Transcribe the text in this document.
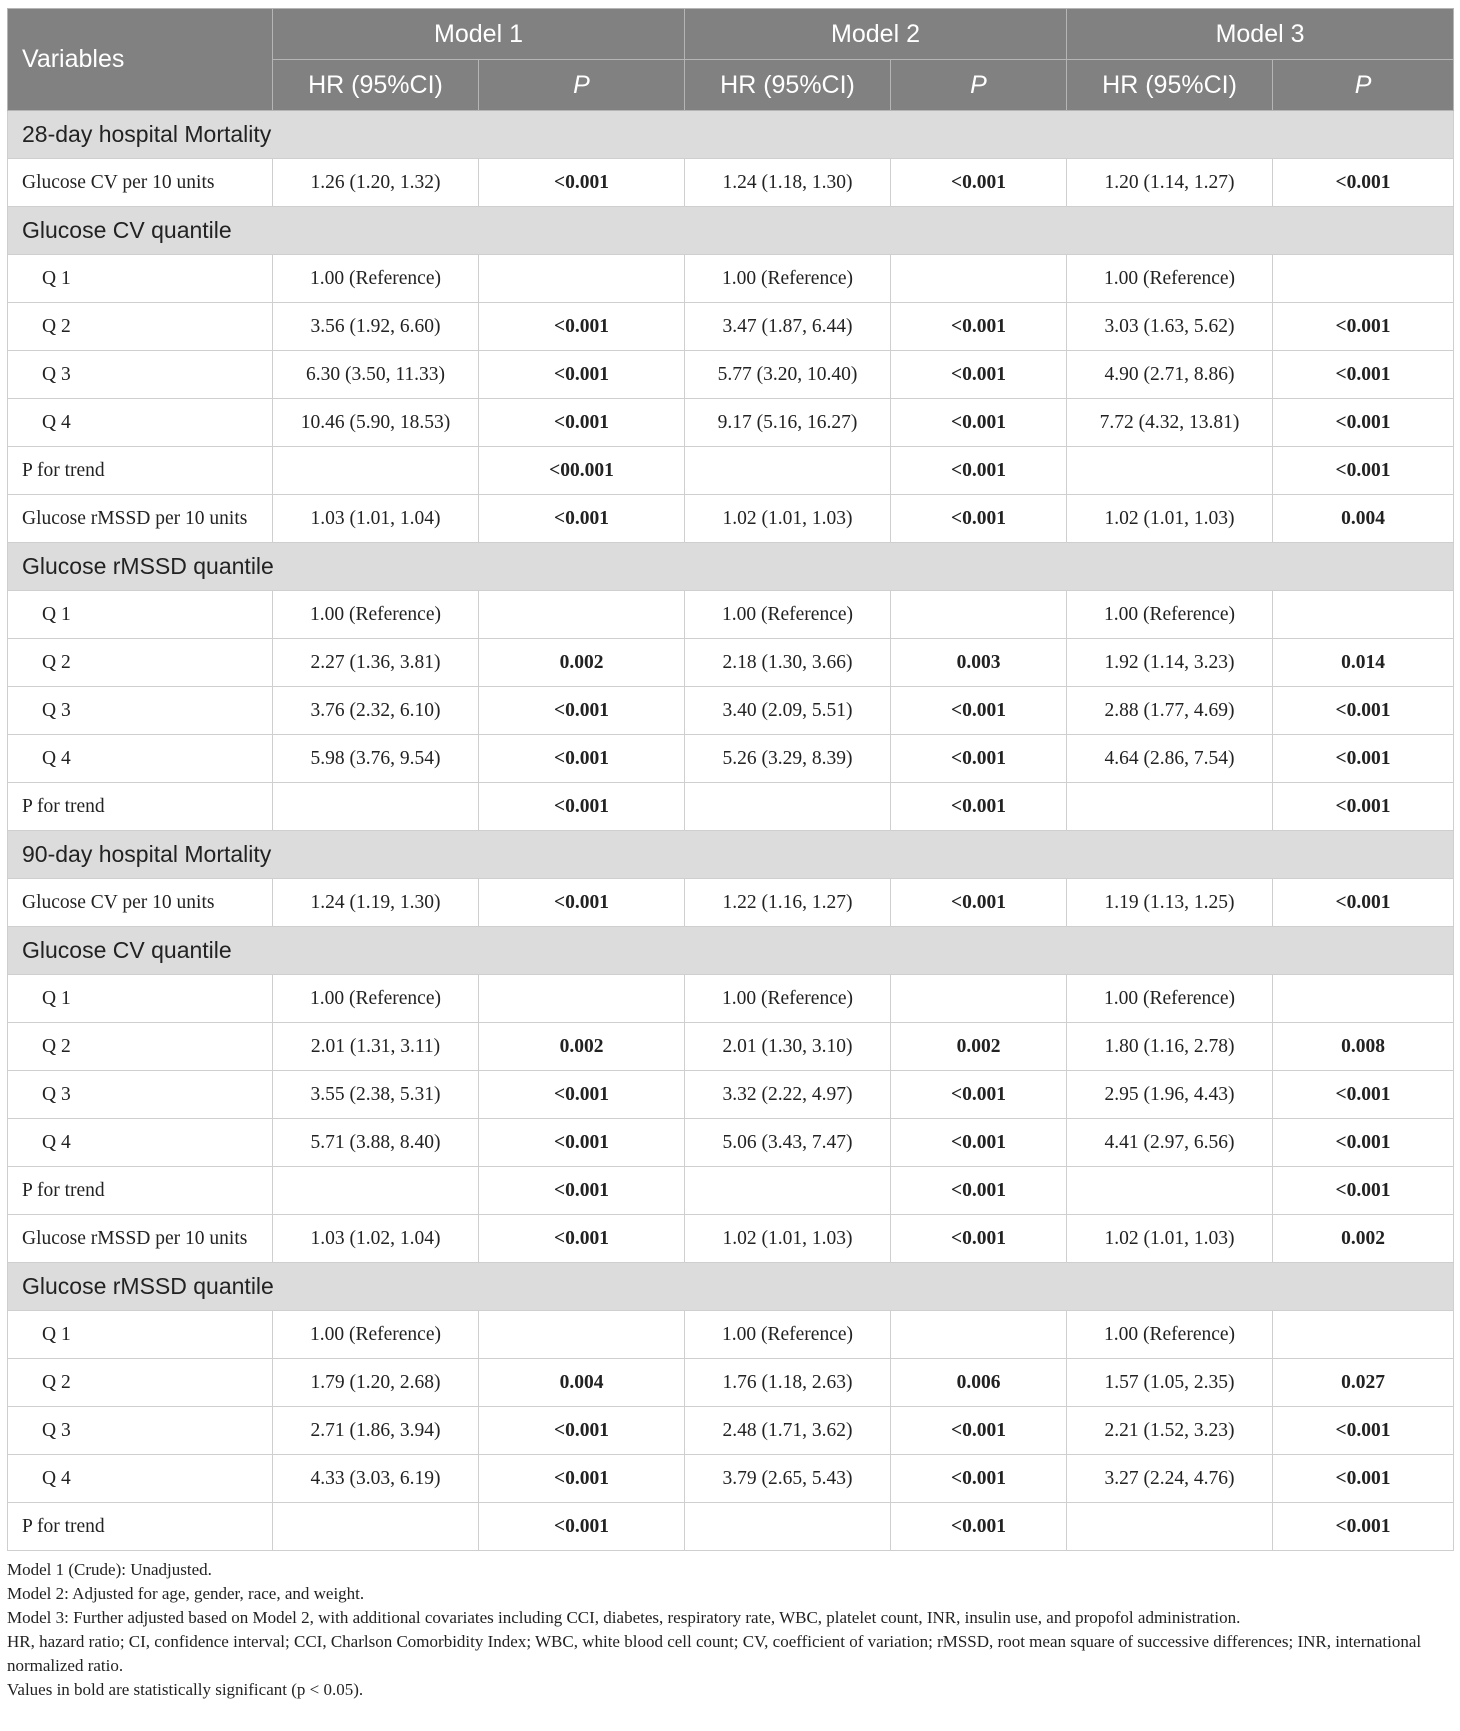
Variables	Model 1		Model 2		Model 3	
	HR (95%CI)	P	HR (95%CI)	P	HR (95%CI)	P
28-day hospital Mortality						
Glucose CV per 10 units	1.26 (1.20, 1.32)	<0.001	1.24 (1.18, 1.30)	<0.001	1.20 (1.14, 1.27)	<0.001
Glucose CV quantile						
Q 1	1.00 (Reference)		1.00 (Reference)		1.00 (Reference)	
Q 2	3.56 (1.92, 6.60)	<0.001	3.47 (1.87, 6.44)	<0.001	3.03 (1.63, 5.62)	<0.001
Q 3	6.30 (3.50, 11.33)	<0.001	5.77 (3.20, 10.40)	<0.001	4.90 (2.71, 8.86)	<0.001
Q 4	10.46 (5.90, 18.53)	<0.001	9.17 (5.16, 16.27)	<0.001	7.72 (4.32, 13.81)	<0.001
P for trend		<00.001		<0.001		<0.001
Glucose rMSSD per 10 units	1.03 (1.01, 1.04)	<0.001	1.02 (1.01, 1.03)	<0.001	1.02 (1.01, 1.03)	0.004
Glucose rMSSD quantile						
Q 1	1.00 (Reference)		1.00 (Reference)		1.00 (Reference)	
Q 2	2.27 (1.36, 3.81)	0.002	2.18 (1.30, 3.66)	0.003	1.92 (1.14, 3.23)	0.014
Q 3	3.76 (2.32, 6.10)	<0.001	3.40 (2.09, 5.51)	<0.001	2.88 (1.77, 4.69)	<0.001
Q 4	5.98 (3.76, 9.54)	<0.001	5.26 (3.29, 8.39)	<0.001	4.64 (2.86, 7.54)	<0.001
P for trend		<0.001		<0.001		<0.001
90-day hospital Mortality						
Glucose CV per 10 units	1.24 (1.19, 1.30)	<0.001	1.22 (1.16, 1.27)	<0.001	1.19 (1.13, 1.25)	<0.001
Glucose CV quantile						
Q 1	1.00 (Reference)		1.00 (Reference)		1.00 (Reference)	
Q 2	2.01 (1.31, 3.11)	0.002	2.01 (1.30, 3.10)	0.002	1.80 (1.16, 2.78)	0.008
Q 3	3.55 (2.38, 5.31)	<0.001	3.32 (2.22, 4.97)	<0.001	2.95 (1.96, 4.43)	<0.001
Q 4	5.71 (3.88, 8.40)	<0.001	5.06 (3.43, 7.47)	<0.001	4.41 (2.97, 6.56)	<0.001
P for trend		<0.001		<0.001		<0.001
Glucose rMSSD per 10 units	1.03 (1.02, 1.04)	<0.001	1.02 (1.01, 1.03)	<0.001	1.02 (1.01, 1.03)	0.002
Glucose rMSSD quantile						
Q 1	1.00 (Reference)		1.00 (Reference)		1.00 (Reference)	
Q 2	1.79 (1.20, 2.68)	0.004	1.76 (1.18, 2.63)	0.006	1.57 (1.05, 2.35)	0.027
Q 3	2.71 (1.86, 3.94)	<0.001	2.48 (1.71, 3.62)	<0.001	2.21 (1.52, 3.23)	<0.001
Q 4	4.33 (3.03, 6.19)	<0.001	3.79 (2.65, 5.43)	<0.001	3.27 (2.24, 4.76)	<0.001
P for trend		<0.001		<0.001		<0.001

Model 1 (Crude): Unadjusted.

Model 2: Adjusted for age, gender, race, and weight.

Model 3: Further adjusted based on Model 2, with additional covariates including CCI, diabetes, respiratory rate, WBC, platelet count, INR, insulin use, and propofol administration.

HR, hazard ratio; CI, confidence interval; CCI, Charlson Comorbidity Index; WBC, white blood cell count; CV, coefficient of variation; rMSSD, root mean square of successive differences; INR, international normalized ratio.

Values in bold are statistically significant (p < 0.05).
